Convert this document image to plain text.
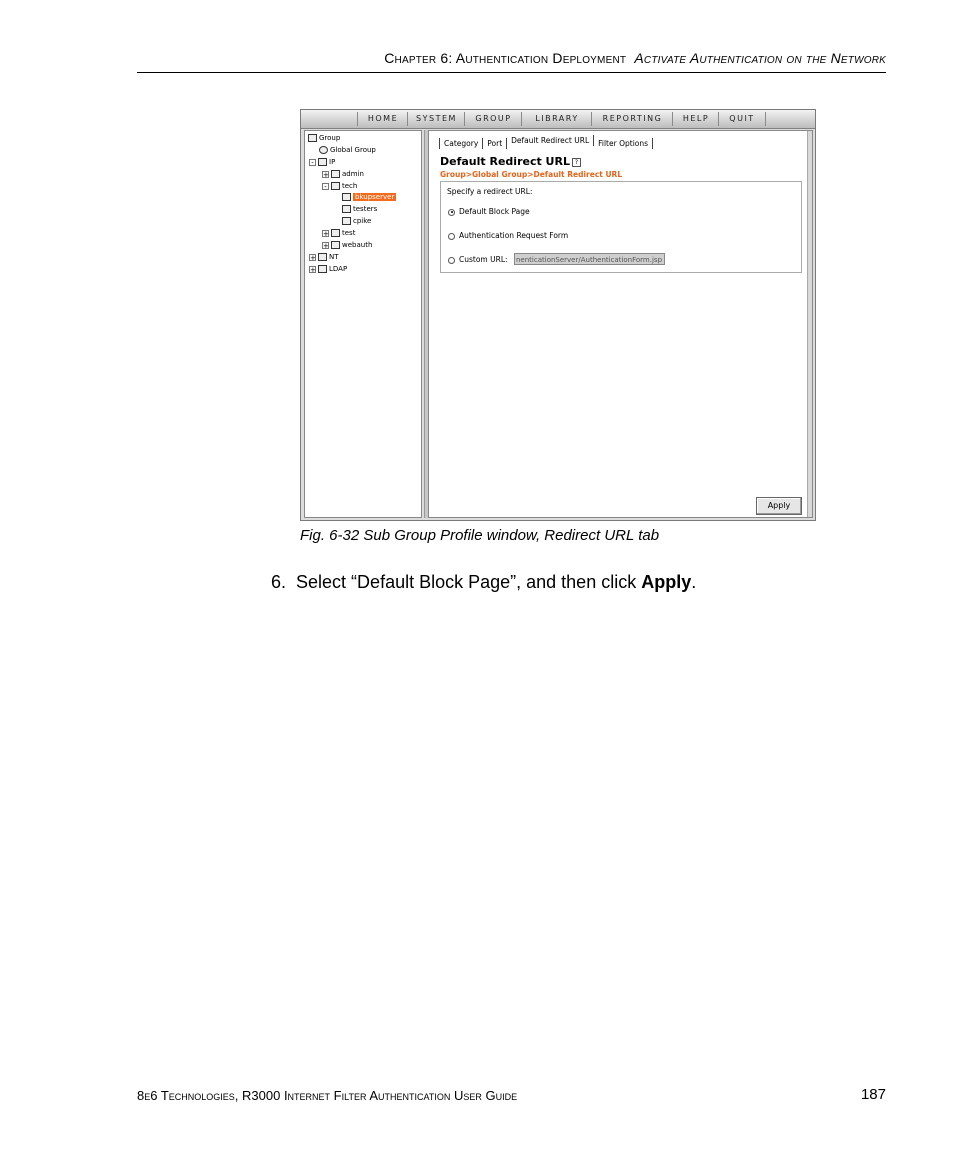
Chapter 6: Authentication Deployment Activate Authentication on the Network
HOME	SYSTEM	GROUP	LIBRARY	REPORTING	HELP	QUIT
Group
Global Group
- IP
+ admin
- tech
bkupserver
testers
cpike
+ test
+ webauth
+ NT
+ LDAP
Category Port Default Redirect URL Filter Options
Default Redirect URL ?
Group>Global Group>Default Redirect URL
Specify a redirect URL:
Default Block Page
Authentication Request Form
Custom URL: nenticationServer/AuthenticationForm.jsp
Apply
Fig. 6-32 Sub Group Profile window, Redirect URL tab
6. Select “Default Block Page”, and then click Apply.
8e6 Technologies, R3000 Internet Filter Authentication User Guide	187
